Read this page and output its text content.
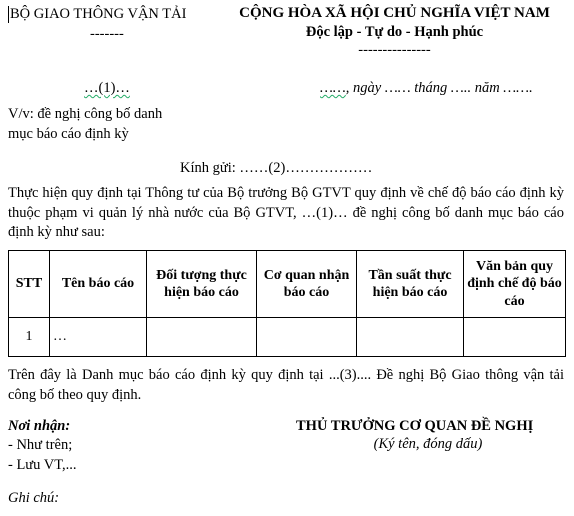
BỘ GIAO THÔNG VẬN TẢI
-------
CỘNG HÒA XÃ HỘI CHỦ NGHĨA VIỆT NAM
Độc lập - Tự do - Hạnh phúc
---------------
…(1)…	……, ngày …… tháng ….. năm …….
V/v: đề nghị công bố danh
mục báo cáo định kỳ
Kính gửi: ……(2)………………
Thực hiện quy định tại Thông tư của Bộ trưởng Bộ GTVT quy định về chế độ báo cáo định kỳ thuộc phạm vi quản lý nhà nước của Bộ GTVT, …(1)… đề nghị công bố danh mục báo cáo định kỳ như sau:
STT	Tên báo cáo	Đối tượng thực hiện báo cáo	Cơ quan nhận báo cáo	Tần suất thực hiện báo cáo	Văn bản quy định chế độ báo cáo
1	…				
Trên đây là Danh mục báo cáo định kỳ quy định tại ...(3).... Đề nghị Bộ Giao thông vận tải công bố theo quy định.
Nơi nhận:
- Như trên;
- Lưu VT,...
THỦ TRƯỞNG CƠ QUAN ĐỀ NGHỊ
(Ký tên, đóng dấu)
Ghi chú:
